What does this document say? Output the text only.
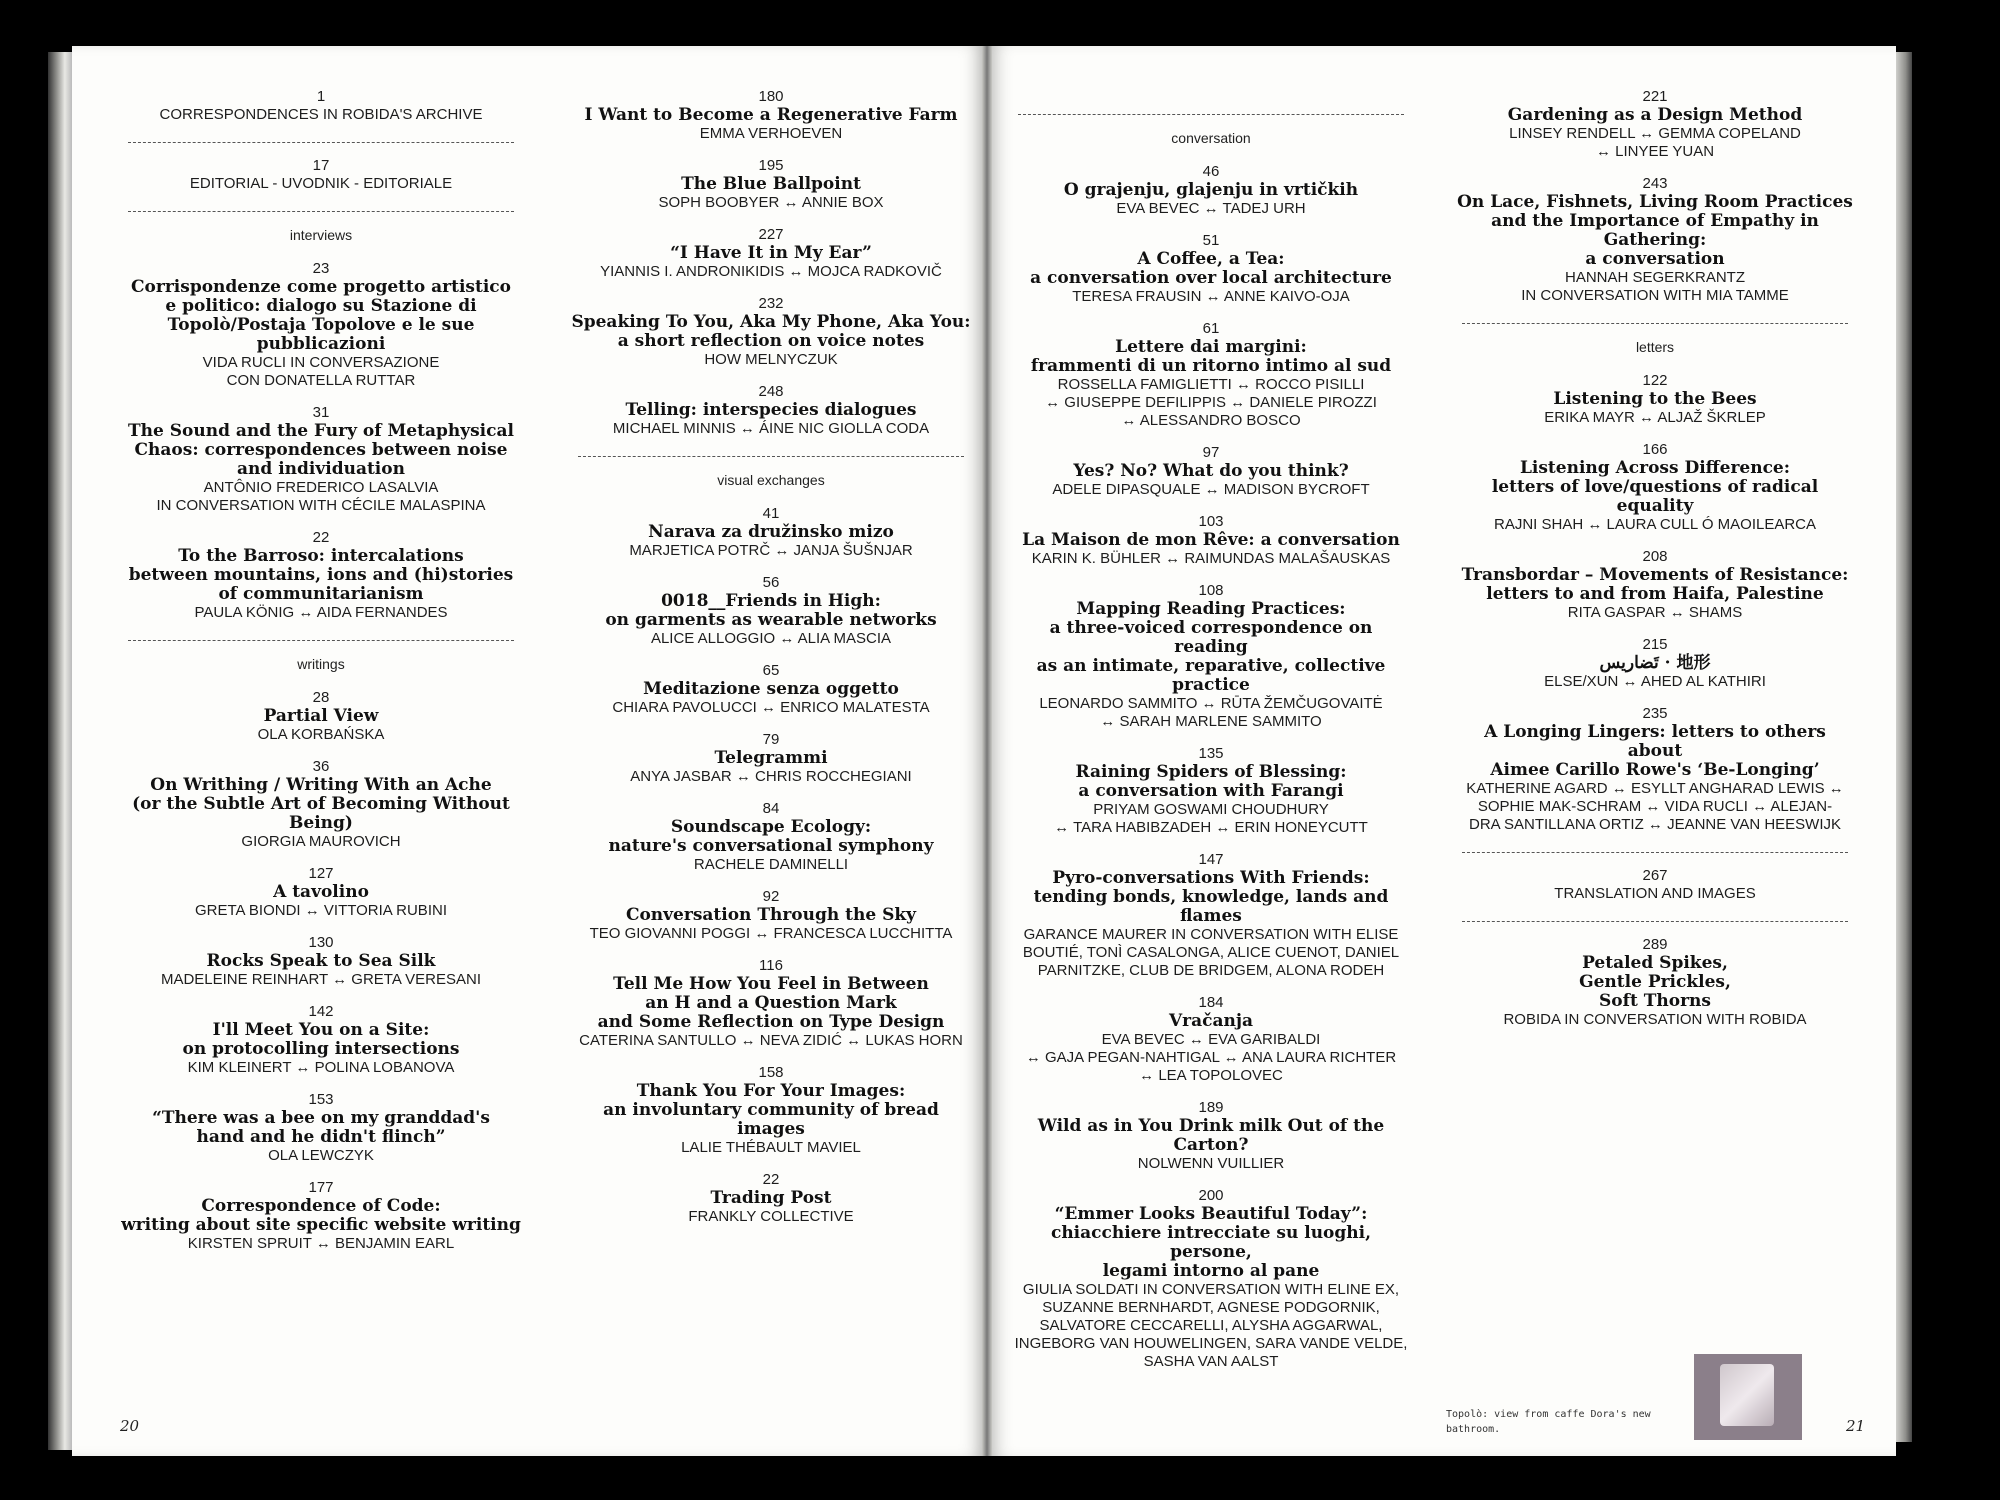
1
CORRESPONDENCES IN ROBIDA'S ARCHIVE
17
EDITORIAL - UVODNIK - EDITORIALE
interviews
23
Corrispondenze come progetto artistico
e politico: dialogo su Stazione di
Topolò/Postaja Topolove e le sue pubblicazioni
VIDA RUCLI IN CONVERSAZIONE
CON DONATELLA RUTTAR
31
The Sound and the Fury of Metaphysical
Chaos: correspondences between noise
and individuation
ANTÔNIO FREDERICO LASALVIA
IN CONVERSATION WITH CÉCILE MALASPINA
22
To the Barroso: intercalations
between mountains, ions and (hi)stories
of communitarianism
PAULA KÖNIG ↔ AIDA FERNANDES
writings
28
Partial View
OLA KORBAŃSKA
36
On Writhing / Writing With an Ache
(or the Subtle Art of Becoming Without Being)
GIORGIA MAUROVICH
127
A tavolino
GRETA BIONDI ↔ VITTORIA RUBINI
130
Rocks Speak to Sea Silk
MADELEINE REINHART ↔ GRETA VERESANI
142
I'll Meet You on a Site:
on protocolling intersections
KIM KLEINERT ↔ POLINA LOBANOVA
153
“There was a bee on my granddad's
hand and he didn't flinch”
OLA LEWCZYK
177
Correspondence of Code:
writing about site specific website writing
KIRSTEN SPRUIT ↔ BENJAMIN EARL
180
I Want to Become a Regenerative Farm
EMMA VERHOEVEN
195
The Blue Ballpoint
SOPH BOOBYER ↔ ANNIE BOX
227
“I Have It in My Ear”
YIANNIS I. ANDRONIKIDIS ↔ MOJCA RADKOVIČ
232
Speaking To You, Aka My Phone, Aka You:
a short reflection on voice notes
HOW MELNYCZUK
248
Telling: interspecies dialogues
MICHAEL MINNIS ↔ ÁINE NIC GIOLLA CODA
visual exchanges
41
Narava za družinsko mizo
MARJETICA POTRČ ↔ JANJA ŠUŠNJAR
56
0018__Friends in High:
on garments as wearable networks
ALICE ALLOGGIO ↔ ALIA MASCIA
65
Meditazione senza oggetto
CHIARA PAVOLUCCI ↔ ENRICO MALATESTA
79
Telegrammi
ANYA JASBAR ↔ CHRIS ROCCHEGIANI
84
Soundscape Ecology:
nature's conversational symphony
RACHELE DAMINELLI
92
Conversation Through the Sky
TEO GIOVANNI POGGI ↔ FRANCESCA LUCCHITTA
116
Tell Me How You Feel in Between
an H and a Question Mark
and Some Reflection on Type Design
CATERINA SANTULLO ↔ NEVA ZIDIĆ ↔ LUKAS HORN
158
Thank You For Your Images:
an involuntary community of bread images
LALIE THÉBAULT MAVIEL
22
Trading Post
FRANKLY COLLECTIVE
conversation
46
O grajenju, glajenju in vrtičkih
EVA BEVEC ↔ TADEJ URH
51
A Coffee, a Tea:
a conversation over local architecture
TERESA FRAUSIN ↔ ANNE KAIVO-OJA
61
Lettere dai margini:
frammenti di un ritorno intimo al sud
ROSSELLA FAMIGLIETTI ↔ ROCCO PISILLI
↔ GIUSEPPE DEFILIPPIS ↔ DANIELE PIROZZI
↔ ALESSANDRO BOSCO
97
Yes? No? What do you think?
ADELE DIPASQUALE ↔ MADISON BYCROFT
103
La Maison de mon Rêve: a conversation
KARIN K. BÜHLER ↔ RAIMUNDAS MALAŠAUSKAS
108
Mapping Reading Practices:
a three-voiced correspondence on reading
as an intimate, reparative, collective practice
LEONARDO SAMMITO ↔ RŪTA ŽEMČUGOVAITĖ
↔ SARAH MARLENE SAMMITO
135
Raining Spiders of Blessing:
a conversation with Farangi
PRIYAM GOSWAMI CHOUDHURY
↔ TARA HABIBZADEH ↔ ERIN HONEYCUTT
147
Pyro-conversations With Friends:
tending bonds, knowledge, lands and flames
GARANCE MAURER IN CONVERSATION WITH ELISE
BOUTIÉ, TONÌ CASALONGA, ALICE CUENOT, DANIEL
PARNITZKE, CLUB DE BRIDGEM, ALONA RODEH
184
Vračanja
EVA BEVEC ↔ EVA GARIBALDI
↔ GAJA PEGAN-NAHTIGAL ↔ ANA LAURA RICHTER
↔ LEA TOPOLOVEC
189
Wild as in You Drink milk Out of the Carton?
NOLWENN VUILLIER
200
“Emmer Looks Beautiful Today”:
chiacchiere intrecciate su luoghi, persone,
legami intorno al pane
GIULIA SOLDATI IN CONVERSATION WITH ELINE EX,
SUZANNE BERNHARDT, AGNESE PODGORNIK,
SALVATORE CECCARELLI, ALYSHA AGGARWAL,
INGEBORG VAN HOUWELINGEN, SARA VANDE VELDE,
SASHA VAN AALST
221
Gardening as a Design Method
LINSEY RENDELL ↔ GEMMA COPELAND
↔ LINYEE YUAN
243
On Lace, Fishnets, Living Room Practices
and the Importance of Empathy in Gathering:
a conversation
HANNAH SEGERKRANTZ
IN CONVERSATION WITH MIA TAMME
letters
122
Listening to the Bees
ERIKA MAYR ↔ ALJAŽ ŠKRLEP
166
Listening Across Difference:
letters of love/questions of radical equality
RAJNI SHAH ↔ LAURA CULL Ó MAOILEARCA
208
Transbordar – Movements of Resistance:
letters to and from Haifa, Palestine
RITA GASPAR ↔ SHAMS
215
تَضاريس · 地形
ELSE/XUN ↔ AHED AL KATHIRI
235
A Longing Lingers: letters to others about
Aimee Carillo Rowe's ‘Be-Longing’
KATHERINE AGARD ↔ ESYLLT ANGHARAD LEWIS ↔
SOPHIE MAK-SCHRAM ↔ VIDA RUCLI ↔ ALEJAN-
DRA SANTILLANA ORTIZ ↔ JEANNE VAN HEESWIJK
267
TRANSLATION AND IMAGES
289
Petaled Spikes,
Gentle Prickles,
Soft Thorns
ROBIDA IN CONVERSATION WITH ROBIDA
20	21
Topolò: view from caffe Dora's new
bathroom.
